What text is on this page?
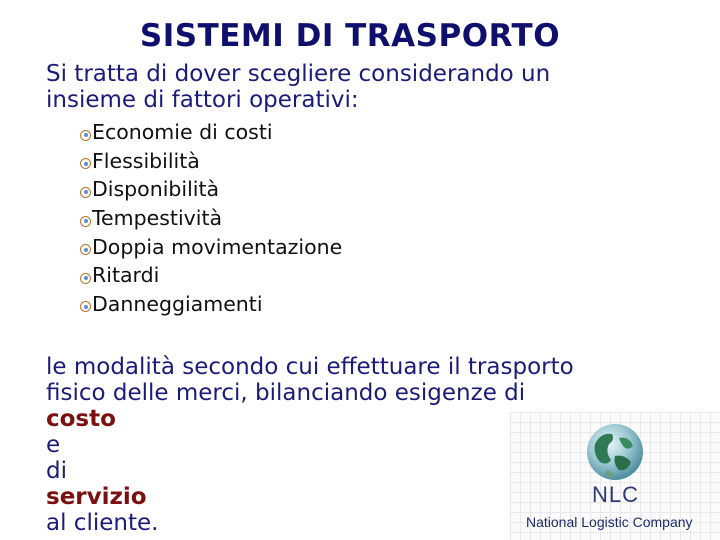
SISTEMI DI TRASPORTO
Si tratta di dover scegliere considerando un
insieme di fattori operativi:
Economie di costi
Flessibilità
Disponibilità
Tempestività
Doppia movimentazione
Ritardi
Danneggiamenti
le modalità secondo cui effettuare il trasporto
fisico delle merci, bilanciando esigenze di
costo
e
di
servizio
al cliente.
NLC
National Logistic Company
